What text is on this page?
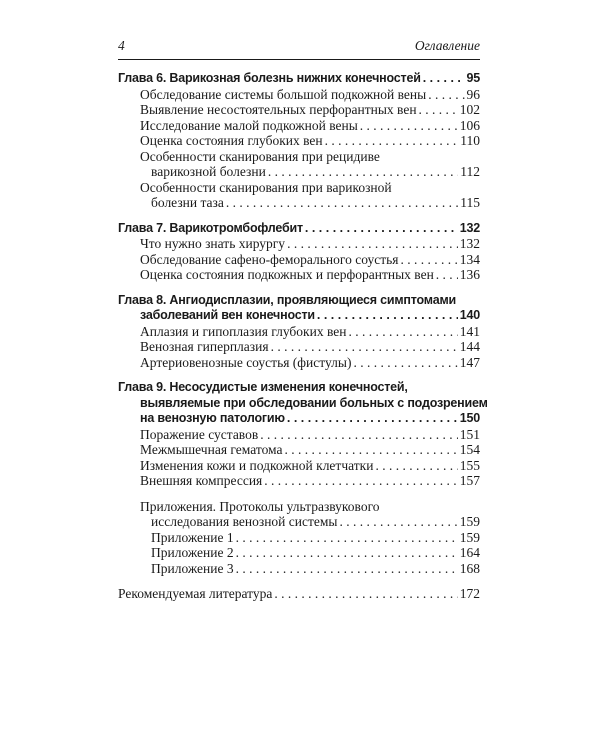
4	Оглавление
Глава 6. Варикозная болезнь нижних конечностей . . .	95
Обследование системы большой подкожной вены . . .	96
Выявление несостоятельных перфорантных вен . . .	102
Исследование малой подкожной вены . . .	106
Оценка состояния глубоких вен . . .	110
Особенности сканирования при рецидиве
варикозной болезни . . .	112
Особенности сканирования при варикозной
болезни таза . . .	115
Глава 7. Варикотромбофлебит . . .	132
Что нужно знать хирургу . . .	132
Обследование сафено-феморального соустья . . .	134
Оценка состояния подкожных и перфорантных вен . . . 136
Глава 8. Ангиодисплазии, проявляющиеся симптомами
заболеваний вен конечности . . .	140
Аплазия и гипоплазия глубоких вен . . .	141
Венозная гиперплазия . . .	144
Артериовенозные соустья (фистулы) . . .	147
Глава 9. Несосудистые изменения конечностей,
выявляемые при обследовании больных с подозрением
на венозную патологию . . .	150
Поражение суставов . . .	151
Межмышечная гематома . . .	154
Изменения кожи и подкожной клетчатки . . .	155
Внешняя компрессия . . .	157
Приложения. Протоколы ультразвукового
исследования венозной системы . . .	159
Приложение 1 . . .	159
Приложение 2 . . .	164
Приложение 3 . . .	168
Рекомендуемая литература . . .	172
